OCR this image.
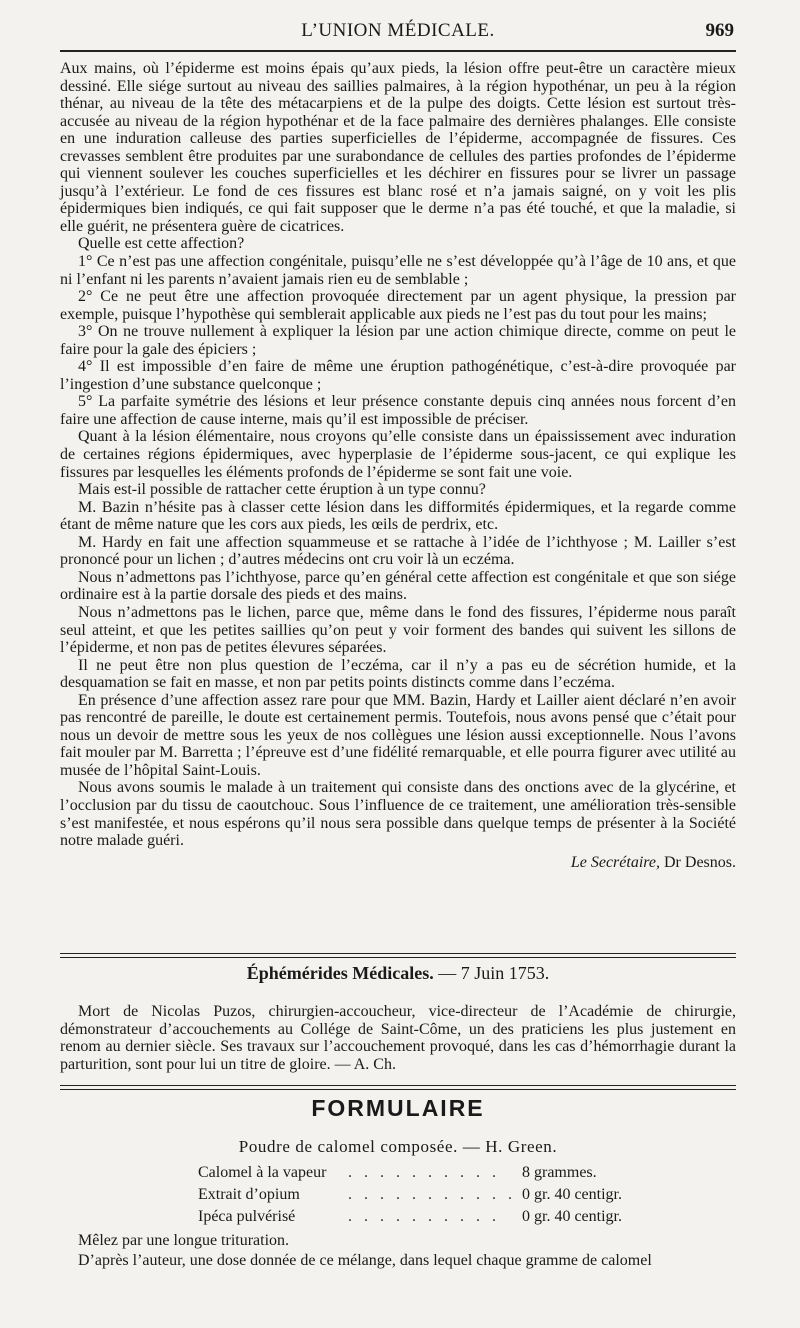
L’UNION MÉDICALE.	969

Aux mains, où l’épiderme est moins épais qu’aux pieds, la lésion offre peut-être un caractère mieux dessiné. Elle siége surtout au niveau des saillies palmaires, à la région hypothénar, un peu à la région thénar, au niveau de la tête des métacarpiens et de la pulpe des doigts. Cette lésion est surtout très-accusée au niveau de la région hypothénar et de la face palmaire des dernières phalanges. Elle consiste en une induration calleuse des parties superficielles de l’épiderme, accompagnée de fissures. Ces crevasses semblent être produites par une surabondance de cellules des parties profondes de l’épiderme qui viennent soulever les couches superficielles et les déchirer en fissures pour se livrer un passage jusqu’à l’extérieur. Le fond de ces fissures est blanc rosé et n’a jamais saigné, on y voit les plis épidermiques bien indiqués, ce qui fait supposer que le derme n’a pas été touché, et que la maladie, si elle guérit, ne présentera guère de cicatrices.

Quelle est cette affection?

1° Ce n’est pas une affection congénitale, puisqu’elle ne s’est développée qu’à l’âge de 10 ans, et que ni l’enfant ni les parents n’avaient jamais rien eu de semblable ;

2° Ce ne peut être une affection provoquée directement par un agent physique, la pression par exemple, puisque l’hypothèse qui semblerait applicable aux pieds ne l’est pas du tout pour les mains;

3° On ne trouve nullement à expliquer la lésion par une action chimique directe, comme on peut le faire pour la gale des épiciers ;

4° Il est impossible d’en faire de même une éruption pathogénétique, c’est-à-dire provoquée par l’ingestion d’une substance quelconque ;

5° La parfaite symétrie des lésions et leur présence constante depuis cinq années nous forcent d’en faire une affection de cause interne, mais qu’il est impossible de préciser.

Quant à la lésion élémentaire, nous croyons qu’elle consiste dans un épaississement avec induration de certaines régions épidermiques, avec hyperplasie de l’épiderme sous-jacent, ce qui explique les fissures par lesquelles les éléments profonds de l’épiderme se sont fait une voie.

Mais est-il possible de rattacher cette éruption à un type connu?

M. Bazin n’hésite pas à classer cette lésion dans les difformités épidermiques, et la regarde comme étant de même nature que les cors aux pieds, les œils de perdrix, etc.

M. Hardy en fait une affection squammeuse et se rattache à l’idée de l’ichthyose ; M. Lailler s’est prononcé pour un lichen ; d’autres médecins ont cru voir là un eczéma.

Nous n’admettons pas l’ichthyose, parce qu’en général cette affection est congénitale et que son siége ordinaire est à la partie dorsale des pieds et des mains.

Nous n’admettons pas le lichen, parce que, même dans le fond des fissures, l’épiderme nous paraît seul atteint, et que les petites saillies qu’on peut y voir forment des bandes qui suivent les sillons de l’épiderme, et non pas de petites élevures séparées.

Il ne peut être non plus question de l’eczéma, car il n’y a pas eu de sécrétion humide, et la desquamation se fait en masse, et non par petits points distincts comme dans l’eczéma.

En présence d’une affection assez rare pour que MM. Bazin, Hardy et Lailler aient déclaré n’en avoir pas rencontré de pareille, le doute est certainement permis. Toutefois, nous avons pensé que c’était pour nous un devoir de mettre sous les yeux de nos collègues une lésion aussi exceptionnelle. Nous l’avons fait mouler par M. Barretta ; l’épreuve est d’une fidélité remarquable, et elle pourra figurer avec utilité au musée de l’hôpital Saint-Louis.

Nous avons soumis le malade à un traitement qui consiste dans des onctions avec de la glycérine, et l’occlusion par du tissu de caoutchouc. Sous l’influence de ce traitement, une amélioration très-sensible s’est manifestée, et nous espérons qu’il nous sera possible dans quelque temps de présenter à la Société notre malade guéri.

Le Secrétaire, Dr Desnos.
Éphémérides Médicales. — 7 Juin 1753.

Mort de Nicolas Puzos, chirurgien-accoucheur, vice-directeur de l’Académie de chirurgie, démonstrateur d’accouchements au Collége de Saint-Côme, un des praticiens les plus justement en renom au dernier siècle. Ses travaux sur l’accouchement provoqué, dans les cas d’hémorrhagie durant la parturition, sont pour lui un titre de gloire. — A. Ch.

FORMULAIRE
Poudre de calomel composée. — H. Green.
Calomel à la vapeur . . . . . . . . . . 8 grammes.
Extrait d’opium	. . . . . . . . . . . 0 gr. 40 centigr.
Ipéca pulvérisé	. . . . . . . . . . 0 gr. 40 centigr.

Mêlez par une longue trituration.

D’après l’auteur, une dose donnée de ce mélange, dans lequel chaque gramme de calomel
